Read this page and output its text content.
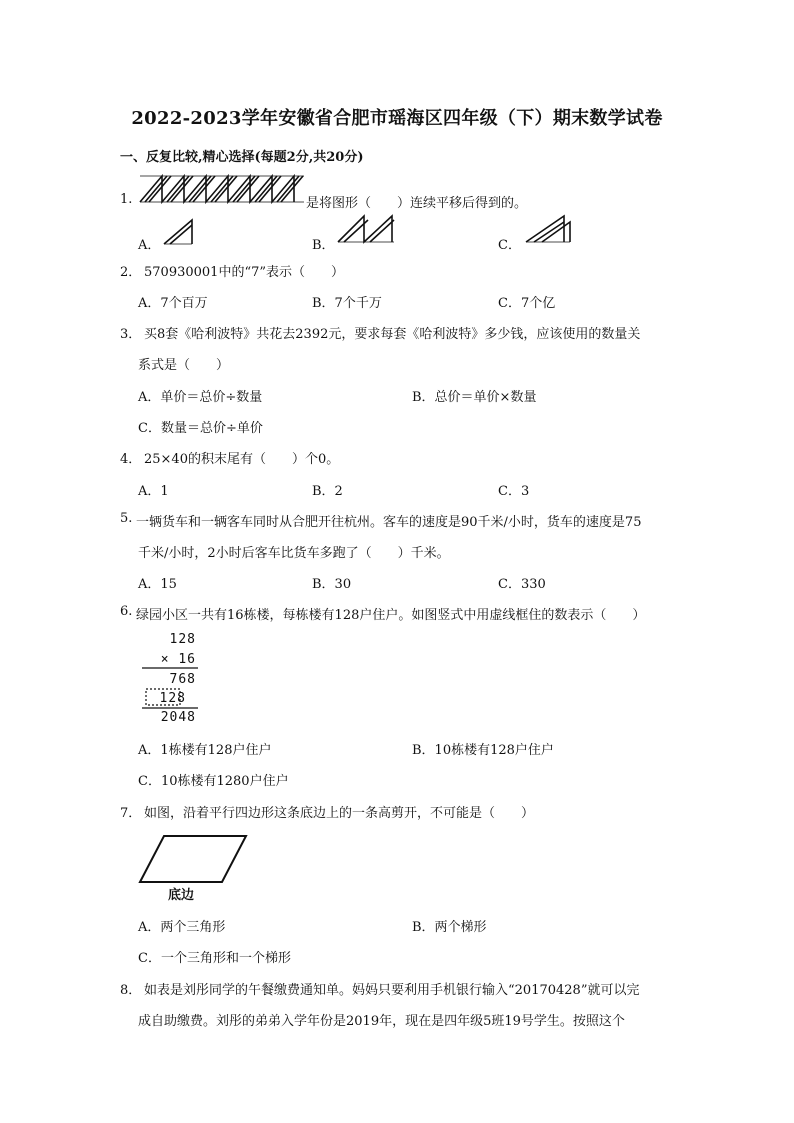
2022-2023学年安徽省合肥市瑶海区四年级（下）期末数学试卷
一、反复比较,精心选择(每题2分,共20分)
1.	是将图形（　　）连续平移后得到的。
A．	B．	C．
2． 570930001中的“7”表示（　　）
A．7个百万	B．7个千万	C．7个亿
3． 买8套《哈利波特》共花去2392元，要求每套《哈利波特》多少钱，应该使用的数量关
系式是（　　）
A．单价＝总价÷数量	B．总价＝单价×数量
C．数量＝总价÷单价
4． 25×40的积末尾有（　　）个0。
A．1	B．2	C．3
5. 一辆货车和一辆客车同时从合肥开往杭州。客车的速度是90千米/小时，货车的速度是75
千米/小时，2小时后客车比货车多跑了（　　）千米。
A．15	B．30	C．330
6. 绿园小区一共有16栋楼，每栋楼有128户住户。如图竖式中用虚线框住的数表示（　　）
128
× 16
768
128
2048
A．1栋楼有128户住户	B．10栋楼有128户住户
C．10栋楼有1280户住户
7． 如图，沿着平行四边形这条底边上的一条高剪开，不可能是（　　）
底边
A．两个三角形	B．两个梯形
C．一个三角形和一个梯形
8． 如表是刘彤同学的午餐缴费通知单。妈妈只要利用手机银行输入“20170428”就可以完
成自助缴费。刘彤的弟弟入学年份是2019年，现在是四年级5班19号学生。按照这个
